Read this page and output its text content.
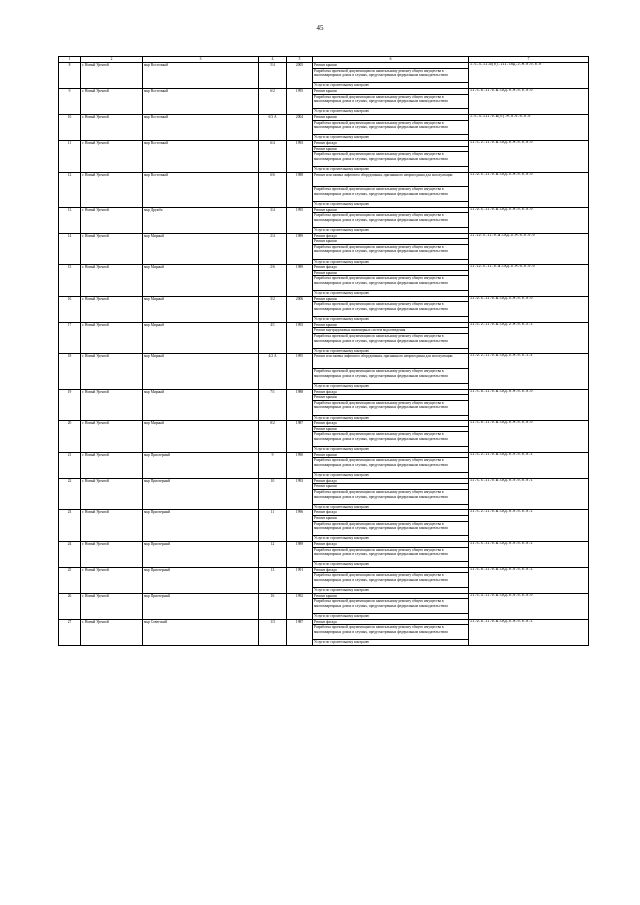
45
1	2	3	4	5	6	7
8	г. Новый Уренгой	мкр Восточный	5/4	2005	Ремонт крыши
Разработка проектной документации по капитальному ремонту общего имущества в многоквартирных домах в случаях, предусмотренных федеральным законодательством
Услуги по строительному контролю	I-5-4-II-Ш(б)-III-СКД-2-М-0-0-0-0
9	г. Новый Уренгой	мкр Восточный	6/2	1995	Ремонт крыши
Разработка проектной документации по капитальному ремонту общего имущества в многоквартирных домах в случаях, предусмотренных федеральным законодательством
Услуги по строительному контролю	II-5-6-II-0-Ш-СКД-0-М-0-0-0-0
10	г. Новый Уренгой	мкр Восточный	6/3 А	2004	Ремонт крыши
Разработка проектной документации по капитальному ремонту общего имущества в многоквартирных домах в случаях, предусмотренных федеральным законодательством
Услуги по строительному контролю	I-5-4-III-0-Ш(б)-М-0-0-0-0-0
11	г. Новый Уренгой	мкр Восточный	6/4	1993	Ремонт фасада
Ремонт крыши
Разработка проектной документации по капитальному ремонту общего имущества в многоквартирных домах в случаях, предусмотренных федеральным законодательством
Услуги по строительному контролю	II-5-2-II-0-Ш-СКД-0-М-0-0-0-0
12	г. Новый Уренгой	мкр Восточный	6/6	1988	Ремонт или замена лифтового оборудования, признанного непригодным для эксплуатации
Разработка проектной документации по капитальному ремонту общего имущества в многоквартирных домах в случаях, предусмотренных федеральным законодательством
Услуги по строительному контролю	II-9-5-II-0-Ш-СКД-Л-М-0-0-0-0
13	г. Новый Уренгой	мкр Дружба	3/4	1995	Ремонт крыши
Разработка проектной документации по капитальному ремонту общего имущества в многоквартирных домах в случаях, предусмотренных федеральным законодательством
Услуги по строительному контролю	II-9-5-II-0-Ш-СКД-Л-М-0-0-0-0
14	г. Новый Уренгой	мкр Мирный	2/4	1989	Ремонт фасада
Ремонт крыши
Разработка проектной документации по капитальному ремонту общего имущества в многоквартирных домах в случаях, предусмотренных федеральным законодательством
Услуги по строительному контролю	II-12-5-II-0-Ш-СКД-Л-М-0-0-0-0
15	г. Новый Уренгой	мкр Мирный	2/6	1989	Ремонт фасада
Ремонт крыши
Разработка проектной документации по капитальному ремонту общего имущества в многоквартирных домах в случаях, предусмотренных федеральным законодательством
Услуги по строительному контролю	II-12-5-II-0-Ш-СКД-Л-М-0-0-0-0
16	г. Новый Уренгой	мкр Мирный	3/2	2006	Ремонт крыши
Разработка проектной документации по капитальному ремонту общего имущества в многоквартирных домах в случаях, предусмотренных федеральным законодательством
Услуги по строительному контролю	II-9-5-II-0-Ш-СКД-Л-М-0-0-0-0
17	г. Новый Уренгой	мкр Мирный	4/1	1993	Ремонт крыши
Ремонт внутридомовых инженерных систем водоотведения
Разработка проектной документации по капитальному ремонту общего имущества в многоквартирных домах в случаях, предусмотренных федеральным законодательством
Услуги по строительному контролю	II-5-2-II-0-Ш-СКД-2-М-0-0-2-1
18	г. Новый Уренгой	мкр Мирный	4/2 А	1995	Ремонт или замена лифтового оборудования, признанного непригодным для эксплуатации
Разработка проектной документации по капитальному ремонту общего имущества в многоквартирных домах в случаях, предусмотренных федеральным законодательством
Услуги по строительному контролю	II-9-2-II-0-Ш-СКД-Л-М-0-0-1-4
19	г. Новый Уренгой	мкр Мирный	7/1	1988	Ремонт фасада
Ремонт крыши
Разработка проектной документации по капитальному ремонту общего имущества в многоквартирных домах в случаях, предусмотренных федеральным законодательством
Услуги по строительному контролю	II-5-6-II-0-Ш-СКД-0-М-0-0-0-0
20	г. Новый Уренгой	мкр Мирный	8/2	1987	Ремонт фасада
Ремонт крыши
Разработка проектной документации по капитальному ремонту общего имущества в многоквартирных домах в случаях, предусмотренных федеральным законодательством
Услуги по строительному контролю	II-5-6-II-0-Ш-СКД-0-М-0-0-0-0
21	г. Новый Уренгой	мкр Приозерный	9	1990	Ремонт крыши
Разработка проектной документации по капитальному ремонту общего имущества в многоквартирных домах в случаях, предусмотренных федеральным законодательством
Услуги по строительному контролю	II-5-2-II-0-Ш-СКД-0-0-0-0-0-1
22	г. Новый Уренгой	мкр Приозерный	10	1993	Ремонт фасада
Ремонт крыши
Разработка проектной документации по капитальному ремонту общего имущества в многоквартирных домах в случаях, предусмотренных федеральным законодательством
Услуги по строительному контролю	II-5-5-II-0-Ш-СКД-0-0-0-0-0-1
23	г. Новый Уренгой	мкр Приозерный	11	1996	Ремонт фасада
Ремонт крыши
Разработка проектной документации по капитальному ремонту общего имущества в многоквартирных домах в случаях, предусмотренных федеральным законодательством
Услуги по строительному контролю	II-5-2-II-0-Ш-СКД-0-0-0-0-0-1
24	г. Новый Уренгой	мкр Приозерный	12	1989	Ремонт фасада
Разработка проектной документации по капитальному ремонту общего имущества в многоквартирных домах в случаях, предусмотренных федеральным законодательством
Услуги по строительному контролю	II-5-5-II-0-Ш-СКД-0-0-0-0-0-1
25	г. Новый Уренгой	мкр Приозерный	13	1991	Ремонт фасада
Разработка проектной документации по капитальному ремонту общего имущества в многоквартирных домах в случаях, предусмотренных федеральным законодательством
Услуги по строительному контролю	II-5-6-II-0-Ш-СКД-0-0-0-0-0-1
26	г. Новый Уренгой	мкр Приозерный	16	1992	Ремонт крыши
Разработка проектной документации по капитальному ремонту общего имущества в многоквартирных домах в случаях, предусмотренных федеральным законодательством
Услуги по строительному контролю	II-5-3-II-0-Ш-СКД-0-0-0-0-0-0
27	г. Новый Уренгой	мкр Советский	1/3	1987	Ремонт фасада
Разработка проектной документации по капитальному ремонту общего имущества в многоквартирных домах в случаях, предусмотренных федеральным законодательством
Услуги по строительному контролю	II-9-6-II-0-Ш-СКД-Л-М-0-0-0-1
